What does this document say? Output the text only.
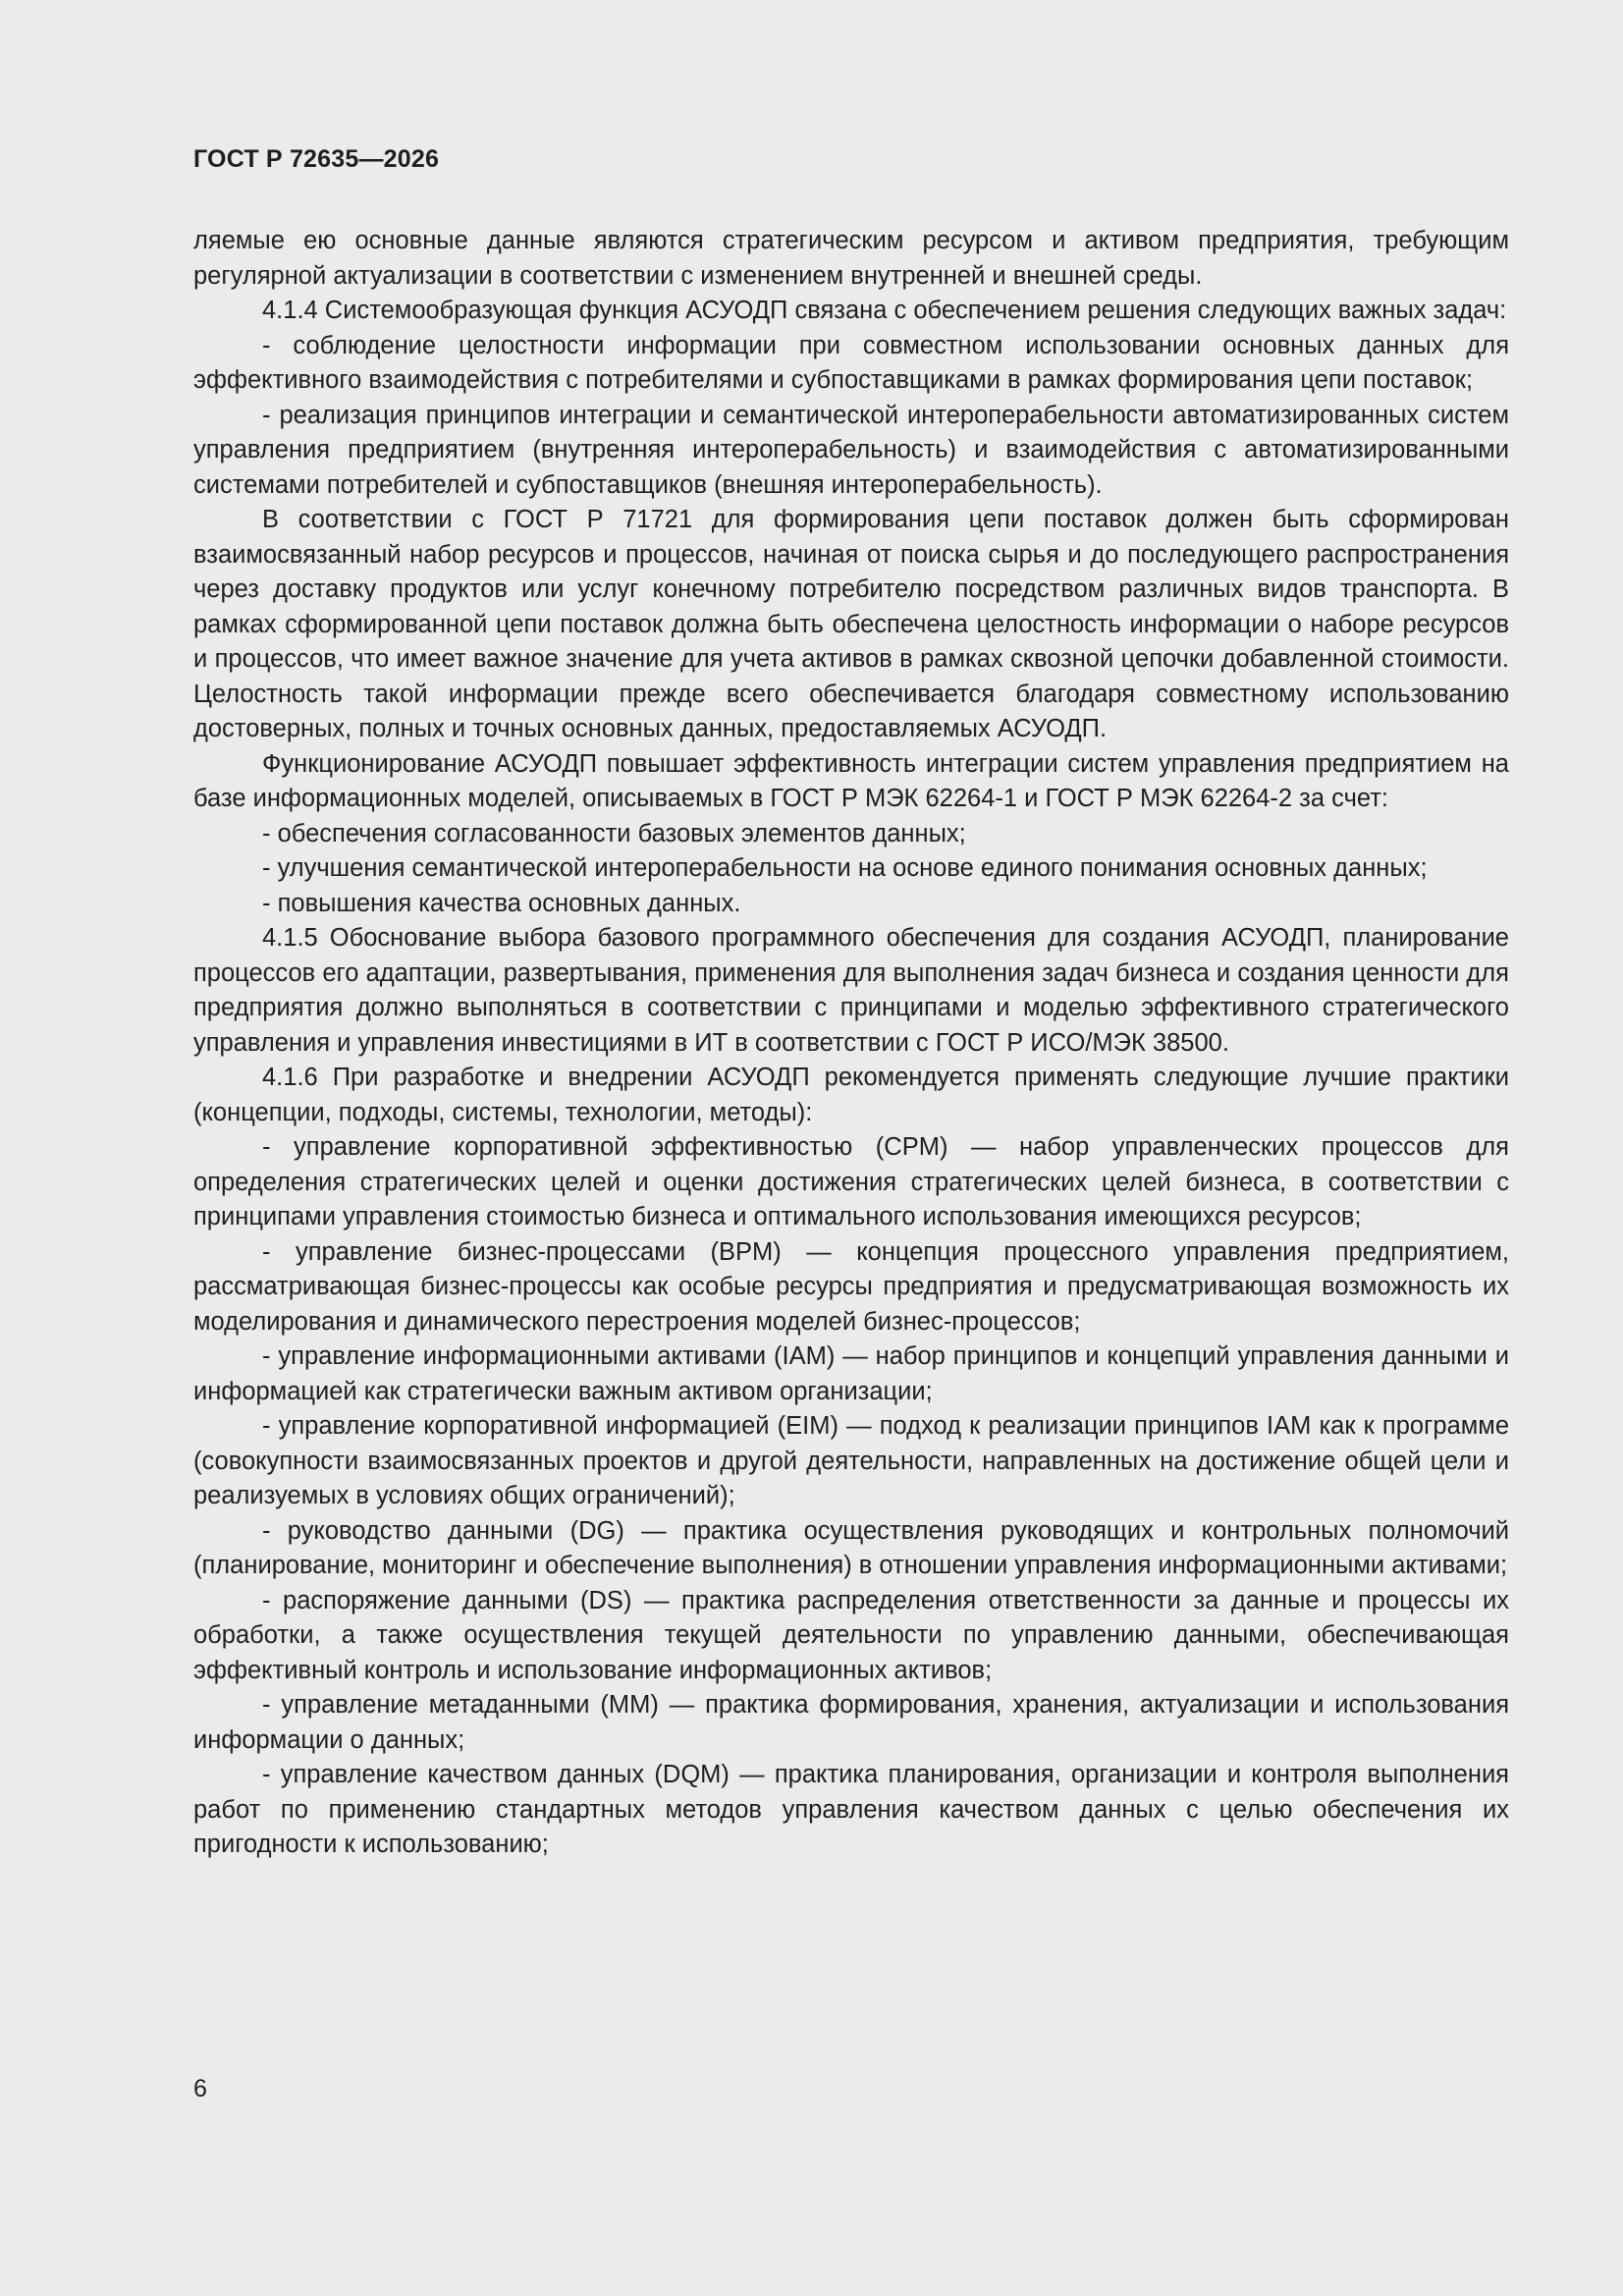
ГОСТ Р 72635—2026

ляемые ею основные данные являются стратегическим ресурсом и активом предприятия, требующим регулярной актуализации в соответствии с изменением внутренней и внешней среды.

4.1.4 Системообразующая функция АСУОДП связана с обеспечением решения следующих важных задач:

- соблюдение целостности информации при совместном использовании основных данных для эффективного взаимодействия с потребителями и субпоставщиками в рамках формирования цепи поставок;

- реализация принципов интеграции и семантической интероперабельности автоматизированных систем управления предприятием (внутренняя интероперабельность) и взаимодействия с автоматизированными системами потребителей и субпоставщиков (внешняя интероперабельность).

В соответствии с ГОСТ Р 71721 для формирования цепи поставок должен быть сформирован взаимосвязанный набор ресурсов и процессов, начиная от поиска сырья и до последующего распространения через доставку продуктов или услуг конечному потребителю посредством различных видов транспорта. В рамках сформированной цепи поставок должна быть обеспечена целостность информации о наборе ресурсов и процессов, что имеет важное значение для учета активов в рамках сквозной цепочки добавленной стоимости. Целостность такой информации прежде всего обеспечивается благодаря совместному использованию достоверных, полных и точных основных данных, предоставляемых АСУОДП.

Функционирование АСУОДП повышает эффективность интеграции систем управления предприятием на базе информационных моделей, описываемых в ГОСТ Р МЭК 62264-1 и ГОСТ Р МЭК 62264-2 за счет:

- обеспечения согласованности базовых элементов данных;

- улучшения семантической интероперабельности на основе единого понимания основных данных;

- повышения качества основных данных.

4.1.5 Обоснование выбора базового программного обеспечения для создания АСУОДП, планирование процессов его адаптации, развертывания, применения для выполнения задач бизнеса и создания ценности для предприятия должно выполняться в соответствии с принципами и моделью эффективного стратегического управления и управления инвестициями в ИТ в соответствии с ГОСТ Р ИСО/МЭК 38500.

4.1.6 При разработке и внедрении АСУОДП рекомендуется применять следующие лучшие практики (концепции, подходы, системы, технологии, методы):

- управление корпоративной эффективностью (CPM) — набор управленческих процессов для определения стратегических целей и оценки достижения стратегических целей бизнеса, в соответствии с принципами управления стоимостью бизнеса и оптимального использования имеющихся ресурсов;

- управление бизнес-процессами (BPM) — концепция процессного управления предприятием, рассматривающая бизнес-процессы как особые ресурсы предприятия и предусматривающая возможность их моделирования и динамического перестроения моделей бизнес-процессов;

- управление информационными активами (IAM) — набор принципов и концепций управления данными и информацией как стратегически важным активом организации;

- управление корпоративной информацией (EIM) — подход к реализации принципов IAM как к программе (совокупности взаимосвязанных проектов и другой деятельности, направленных на достижение общей цели и реализуемых в условиях общих ограничений);

- руководство данными (DG) — практика осуществления руководящих и контрольных полномочий (планирование, мониторинг и обеспечение выполнения) в отношении управления информационными активами;

- распоряжение данными (DS) — практика распределения ответственности за данные и процессы их обработки, а также осуществления текущей деятельности по управлению данными, обеспечивающая эффективный контроль и использование информационных активов;

- управление метаданными (MM) — практика формирования, хранения, актуализации и использования информации о данных;

- управление качеством данных (DQM) — практика планирования, организации и контроля выполнения работ по применению стандартных методов управления качеством данных с целью обеспечения их пригодности к использованию;

6
